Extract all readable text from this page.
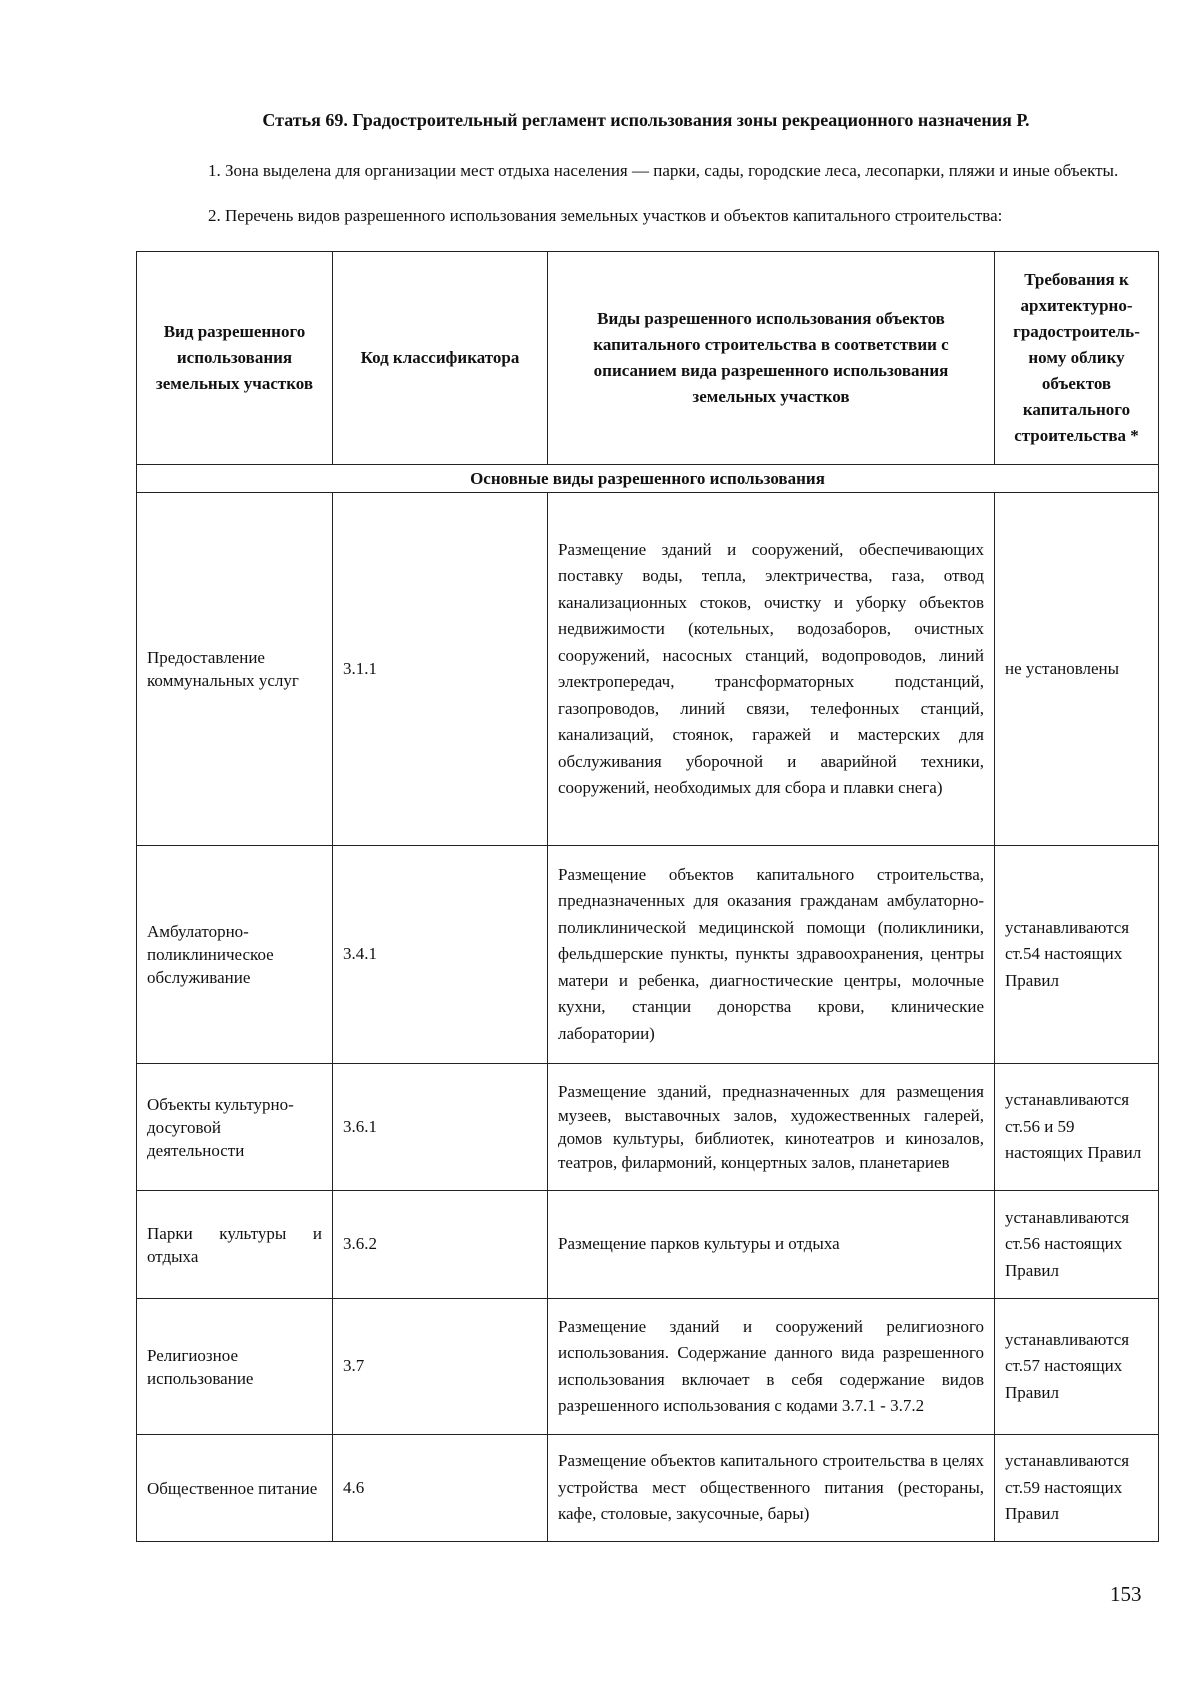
Статья 69. Градостроительный регламент использования зоны рекреационного назначения Р.
1. Зона выделена для организации мест отдыха населения — парки, сады, городские леса, лесопарки, пляжи и иные объекты.
2. Перечень видов разрешенного использования земельных участков и объектов капитального строительства:
Вид разрешенного использования земельных участков	Код классификатора	Виды разрешенного использования объектов капитального строительства в соответствии с описанием вида разрешенного использования земельных участков	Требования к архитектурно-градостроительному облику объектов капитального строительства *
Основные виды разрешенного использования			
Предоставление коммунальных услуг	3.1.1	Размещение зданий и сооружений, обеспечивающих поставку воды, тепла, электричества, газа, отвод канализационных стоков, очистку и уборку объектов недвижимости (котельных, водозаборов, очистных сооружений, насосных станций, водопроводов, линий электропередач, трансформаторных подстанций, газопроводов, линий связи, телефонных станций, канализаций, стоянок, гаражей и мастерских для обслуживания уборочной и аварийной техники, сооружений, необходимых для сбора и плавки снега)	не установлены
Амбулаторно-поликлиническое обслуживание	3.4.1	Размещение объектов капитального строительства, предназначенных для оказания гражданам амбулаторно-поликлинической медицинской помощи (поликлиники, фельдшерские пункты, пункты здравоохранения, центры матери и ребенка, диагностические центры, молочные кухни, станции донорства крови, клинические лаборатории)	устанавливаются ст.54 настоящих Правил
Объекты культурно-досуговой деятельности	3.6.1	Размещение зданий, предназначенных для размещения музеев, выставочных залов, художественных галерей, домов культуры, библиотек, кинотеатров и кинозалов, театров, филармоний, концертных залов, планетариев	устанавливаются ст.56 и 59 настоящих Правил
Парки культуры и отдыха	3.6.2	Размещение парков культуры и отдыха	устанавливаются ст.56 настоящих Правил
Религиозное использование	3.7	Размещение зданий и сооружений религиозного использования. Содержание данного вида разрешенного использования включает в себя содержание видов разрешенного использования с кодами 3.7.1 - 3.7.2	устанавливаются ст.57 настоящих Правил
Общественное питание	4.6	Размещение объектов капитального строительства в целях устройства мест общественного питания (рестораны, кафе, столовые, закусочные, бары)	устанавливаются ст.59 настоящих Правил
153
